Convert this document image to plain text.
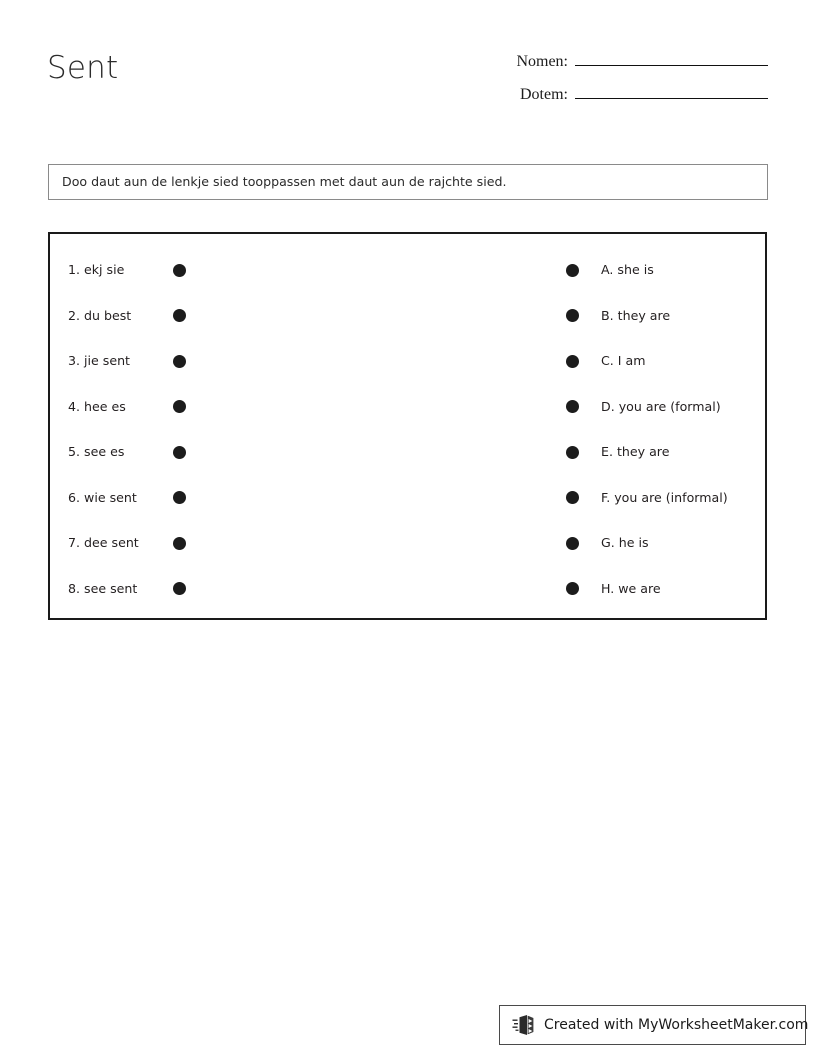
Sent	Nomen:
Dotem:
Doo daut aun de lenkje sied tooppassen met daut aun de rajchte sied.
1. ekj sie	A. she is
2. du best	B. they are
3. jie sent	C. I am
4. hee es	D. you are (formal)
5. see es	E. they are
6. wie sent	F. you are (informal)
7. dee sent	G. he is
8. see sent	H. we are
Created with MyWorksheetMaker.com
